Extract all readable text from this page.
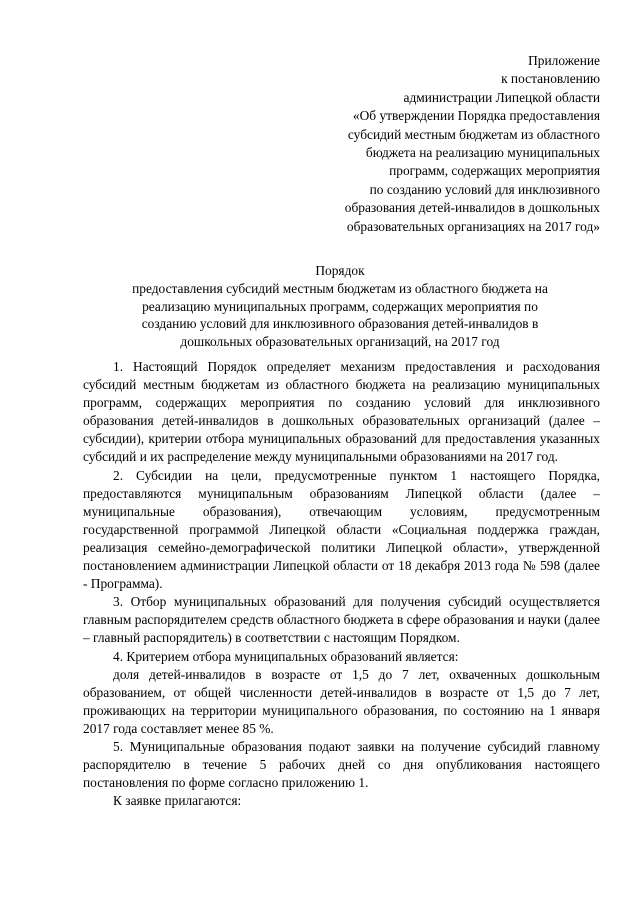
Приложение
к постановлению
администрации Липецкой области
«Об утверждении Порядка предоставления
субсидий местным бюджетам из областного
бюджета на реализацию муниципальных
программ, содержащих мероприятия
по созданию условий для инклюзивного
образования детей-инвалидов в дошкольных
образовательных организациях на 2017 год»
Порядок
предоставления субсидий местным бюджетам из областного бюджета на
реализацию муниципальных программ, содержащих мероприятия по
созданию условий для инклюзивного образования детей-инвалидов в
дошкольных образовательных организаций, на 2017 год

1. Настоящий Порядок определяет механизм предоставления и расходования субсидий местным бюджетам из областного бюджета на реализацию муниципальных программ, содержащих мероприятия по созданию условий для инклюзивного образования детей-инвалидов в дошкольных образовательных организаций (далее – субсидии), критерии отбора муниципальных образований для предоставления указанных субсидий и их распределение между муниципальными образованиями на 2017 год.

2. Субсидии на цели, предусмотренные пунктом 1 настоящего Порядка, предоставляются муниципальным образованиям Липецкой области (далее – муниципальные образования), отвечающим условиям, предусмотренным государственной программой Липецкой области «Социальная поддержка граждан, реализация семейно-демографической политики Липецкой области», утвержденной постановлением администрации Липецкой области от 18 декабря 2013 года № 598 (далее - Программа).

3. Отбор муниципальных образований для получения субсидий осуществляется главным распорядителем средств областного бюджета в сфере образования и науки (далее – главный распорядитель) в соответствии с настоящим Порядком.

4. Критерием отбора муниципальных образований является:

доля детей-инвалидов в возрасте от 1,5 до 7 лет, охваченных дошкольным образованием, от общей численности детей-инвалидов в возрасте от 1,5 до 7 лет, проживающих на территории муниципального образования, по состоянию на 1 января 2017 года составляет менее 85 %.

5. Муниципальные образования подают заявки на получение субсидий главному распорядителю в течение 5 рабочих дней со дня опубликования настоящего постановления по форме согласно приложению 1.

К заявке прилагаются:
